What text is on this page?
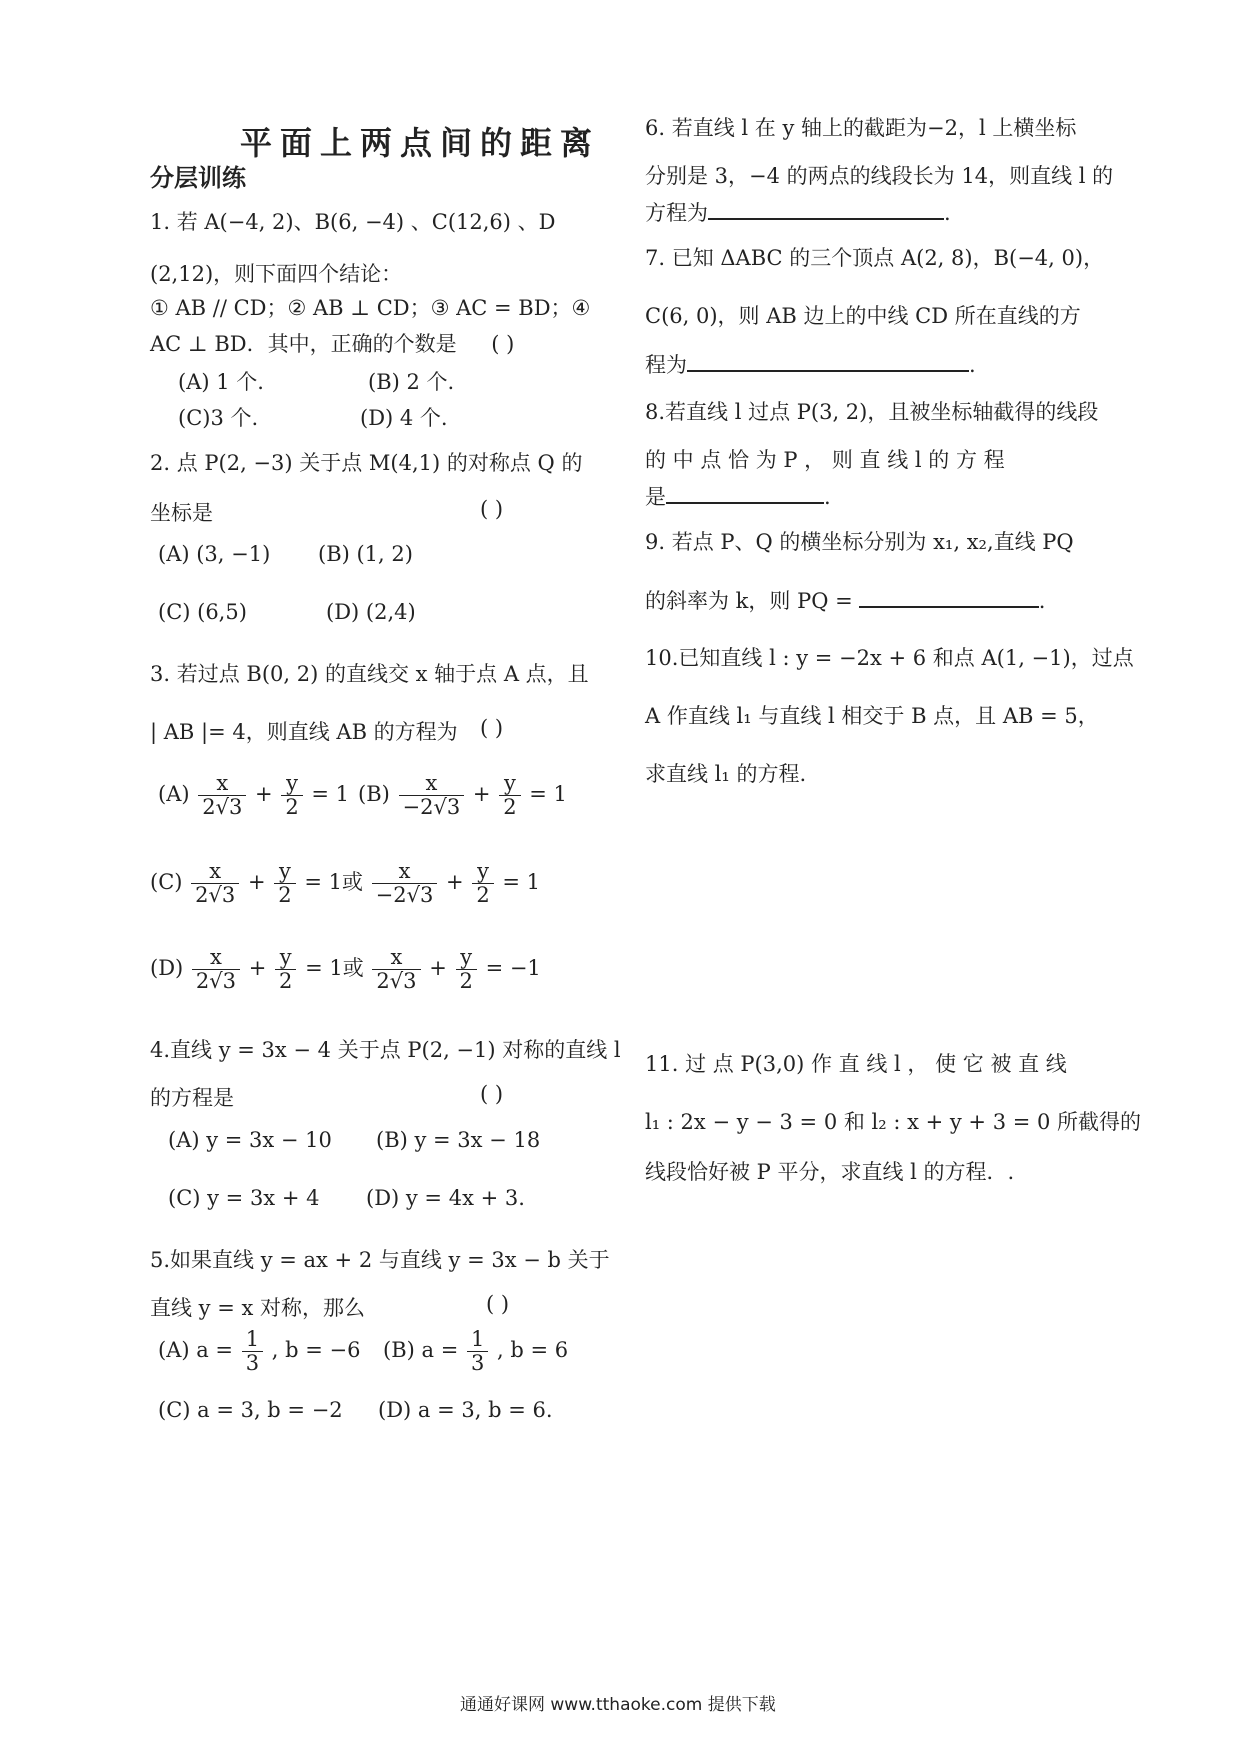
平面上两点间的距离
分层训练
1. 若 A(−4, 2)、B(6, −4) 、C(12,6) 、D
(2,12)，则下面四个结论：
① AB // CD；② AB ⊥ CD；③ AC = BD；④
AC ⊥ BD．其中，正确的个数是 ( )
(A) 1 个.	(B) 2 个.
(C)3 个.	(D) 4 个.
2. 点 P(2, −3) 关于点 M(4,1) 的对称点 Q 的
坐标是	( )
(A) (3, −1) (B) (1, 2)
(C) (6,5)	(D) (2,4)
3. 若过点 B(0, 2) 的直线交 x 轴于点 A 点，且
| AB |= 4，则直线 AB 的方程为 ( )
$(A) \frac{x}{2√3} + \frac{y}{2} = 1$ $(B) \frac{x}{-2√3} + \frac{y}{2} = 1$
$(C) \frac{x}{2√3} + \frac{y}{2} = 1$或 $\frac{x}{-2√3} + \frac{y}{2} = 1$
$(D) \frac{x}{2√3} + \frac{y}{2} = 1$或 $\frac{x}{2√3} + \frac{y}{2} = -1$
4.直线 y = 3x − 4 关于点 P(2, −1) 对称的直线 l
的方程是	( )
(A) y = 3x − 10 (B) y = 3x − 18
(C) y = 3x + 4 (D) y = 4x + 3.
5.如果直线 y = ax + 2 与直线 y = 3x − b 关于
直线 y = x 对称，那么	( )
(A) $a = \frac{1}{3}$ , b = −6 (B) $a = \frac{1}{3}$ , b = 6
(C) a = 3, b = −2 (D) a = 3, b = 6.
6. 若直线 l 在 y 轴上的截距为−2，l 上横坐标
分别是 3，−4 的两点的线段长为 14，则直线 l 的
方程为	.
7. 已知 ΔABC 的三个顶点 A(2, 8)，B(−4, 0)，
C(6, 0)，则 AB 边上的中线 CD 所在直线的方
程为	.
8.若直线 l 过点 P(3, 2)，且被坐标轴截得的线段
的 中 点 恰 为 P ， 则 直 线 l 的 方 程
是	.
9. 若点 P、Q 的横坐标分别为 x₁, x₂,直线 PQ
的斜率为 k，则 PQ =	.
10.已知直线 l : y = −2x + 6 和点 A(1, −1)，过点
A 作直线 l₁ 与直线 l 相交于 B 点，且 AB = 5，
求直线 l₁ 的方程.
11. 过 点 P(3,0) 作 直 线 l ， 使 它 被 直 线
l₁ : 2x − y − 3 = 0 和 l₂ : x + y + 3 = 0 所截得的
线段恰好被 P 平分，求直线 l 的方程．.
通通好课网 www.tthaoke.com 提供下载
